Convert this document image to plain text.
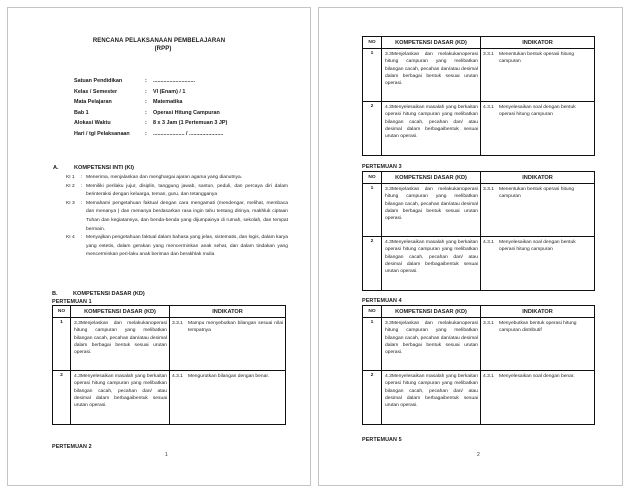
RENCANA PELAKSANAAN PEMBELAJARAN
(RPP)
Satuan Pendidikan	:	............................
Kelas / Semester	:	VI (Enam) / 1
Mata Pelajaran	:	Matematika
Bab 1	:	Operasi Hitung Campuran
Alokasi Waktu	:	8 x 3 Jam (1 Pertemuan 3 JP)
Hari / tgl Pelaksanaan	:	..................... / .......................
A.	KOMPETENSI INTI (KI)
KI 1	: Menerima, menjalankan dan menghargai ajaran agama yang dianutnya.
KI 2	: Memiliki perilaku jujur, disiplin, tanggung jawab, santun, peduli, dan percaya diri dalam berinteraksi dengan keluarga, teman, guru, dan tetangganya
KI 3	: Memahami pengetahuan faktual dengan cara mengamati (mendengar, melihat, membaca dan menanya ) dan menanya berdasarkan rasa ingin tahu tentang dirinya, makhluk ciptaan Tuhan dan kegiatannya, dan benda-benda yang dijumpainya di rumah, sekolah, dan tempat bermain.
KI 4	: Menyajikan pengetahuan faktual dalam bahasa yang jelas, sistematis, dan logis, dalam karya yang estetis, dalam gerakan yang mencerminkan anak sehat, dan dalam tindakan yang mencerminkan peri-laku anak beriman dan berakhlak mulia
B.	KOMPETENSI DASAR (KD)
PERTEMUAN 1
NO	KOMPETENSI DASAR (KD)	INDIKATOR
1	3.3Menjelaskan dan melakukanoperasi hitung campuran yang melibatkan bilangan cacah, pecahan dan/atau desimal dalam berbagai bentuk sesuai urutan operasi.	3.3.1 Mampu menyebutkan bilangan sesuai nilai tempatnya

2	4.3Menyelesaikan masalah yang berkaitan operasi hitung campuran yang melibatkan bilangan cacah, pecahan dan/ atau desimal dalam berbagaibentuk sesuai urutan operasi.	4.3.1 Mengurutkan bilangan dengan benar.
PERTEMUAN 2
1
NO	KOMPETENSI DASAR (KD)	INDIKATOR
1	3.3Menjelaskan dan melakukanoperasi hitung campuran yang melibatkan bilangan cacah, pecahan dan/atau desimal dalam berbagai bentuk sesuai urutan operasi.	3.3.1 Menentukan bentuk operasi hitung campuran

2	4.3Menyelesaikan masalah yang berkaitan operasi hitung campuran yang melibatkan bilangan cacah, pecahan dan/ atau desimal dalam berbagaibentuk sesuai urutan operasi.	4.3.1 Menyelesaikan soal dengan bentuk operasi hitung campuran
PERTEMUAN 3
NO	KOMPETENSI DASAR (KD)	INDIKATOR
1	3.3Menjelaskan dan melakukanoperasi hitung campuran yang melibatkan bilangan cacah, pecahan dan/atau desimal dalam berbagai bentuk sesuai urutan operasi.	3.3.1 Menentukan bentuk operasi hitung campuran

2	4.3Menyelesaikan masalah yang berkaitan operasi hitung campuran yang melibatkan bilangan cacah, pecahan dan/ atau desimal dalam berbagaibentuk sesuai urutan operasi.	4.3.1 Menyelesaikan soal dengan bentuk operasi hitung campuran
PERTEMUAN 4
NO	KOMPETENSI DASAR (KD)	INDIKATOR
1	3.3Menjelaskan dan melakukanoperasi hitung campuran yang melibatkan bilangan cacah, pecahan dan/atau desimal dalam berbagai bentuk sesuai urutan operasi.	3.3.1 Menyebutkan bentuk operasi hitung campuran distributif

2	4.3Menyelesaikan masalah yang berkaitan operasi hitung campuran yang melibatkan bilangan cacah, pecahan dan/ atau desimal dalam berbagaibentuk sesuai urutan operasi.	4.3.1 Menyelesaikan soal dengan benar.
PERTEMUAN 5
2
